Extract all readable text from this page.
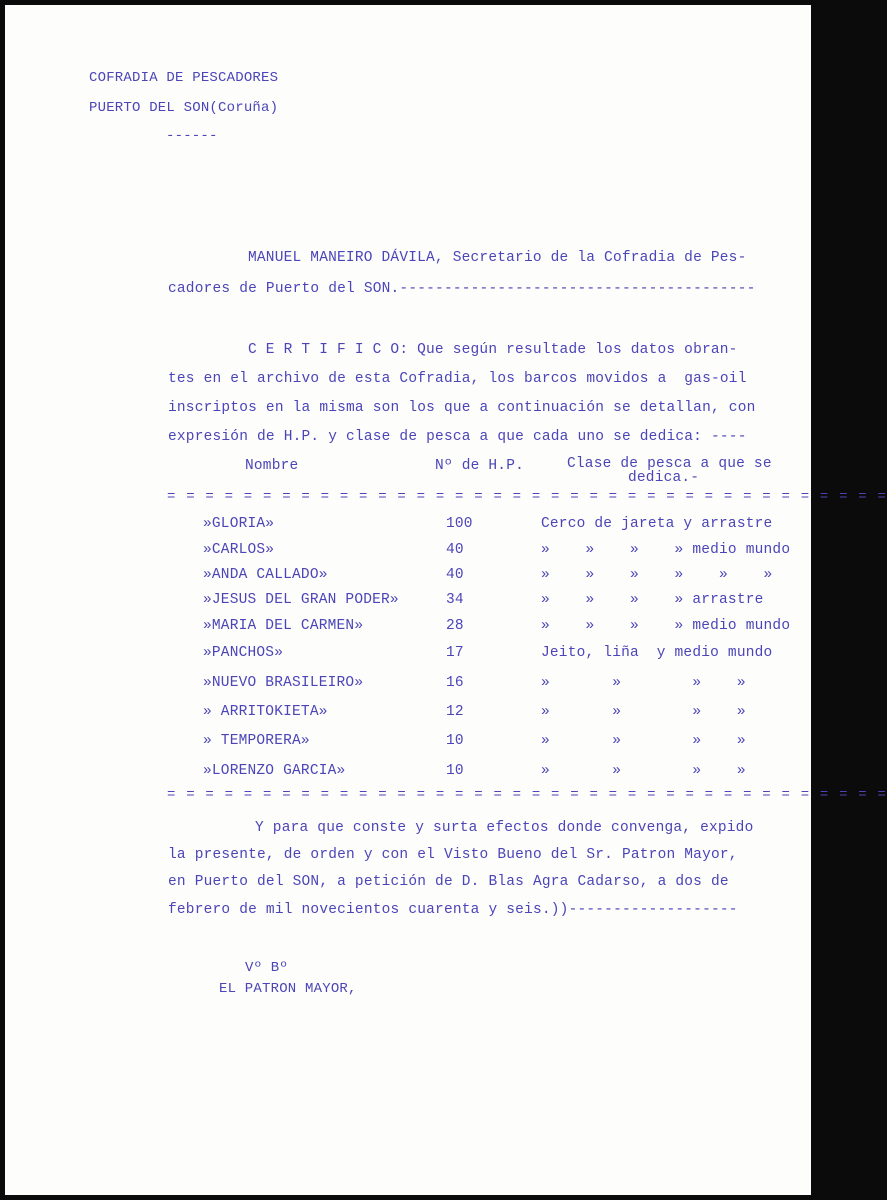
COFRADIA DE PESCADORES
PUERTO DEL SON(Coruña)
------
MANUEL MANEIRO DÁVILA, Secretario de la Cofradia de Pes-
cadores de Puerto del SON.----------------------------------------
C E R T I F I C O: Que según resultade los datos obran-
tes en el archivo de esta Cofradia, los barcos movidos a  gas-oil
inscriptos en la misma son los que a continuación se detallan, con
expresión de H.P. y clase de pesca a que cada uno se dedica: ----
Nombre	Nº de H.P.	Clase de pesca a que se
dedica.-
= = = = = = = = = = = = = = = = = = = = = = = = = = = = = = = = = = = = = =
»GLORIA»	100	Cerco de jareta y arrastre
»CARLOS»	40	»    »    »    » medio mundo
»ANDA CALLADO»	40	»    »    »    »    »    »
»JESUS DEL GRAN PODER»	34	»    »    »    » arrastre
»MARIA DEL CARMEN»	28	»    »    »    » medio mundo
»PANCHOS»	17	Jeito, liña  y medio mundo
»NUEVO BRASILEIRO»	16	»       »        »    »
» ARRITOKIETA»	12	»       »        »    »
» TEMPORERA»	10	»       »        »    »
»LORENZO GARCIA»	10	»       »        »    »
= = = = = = = = = = = = = = = = = = = = = = = = = = = = = = = = = = = = = =
Y para que conste y surta efectos donde convenga, expido
la presente, de orden y con el Visto Bueno del Sr. Patron Mayor,
en Puerto del SON, a petición de D. Blas Agra Cadarso, a dos de
febrero de mil novecientos cuarenta y seis.))-------------------
Vº Bº
EL PATRON MAYOR,
